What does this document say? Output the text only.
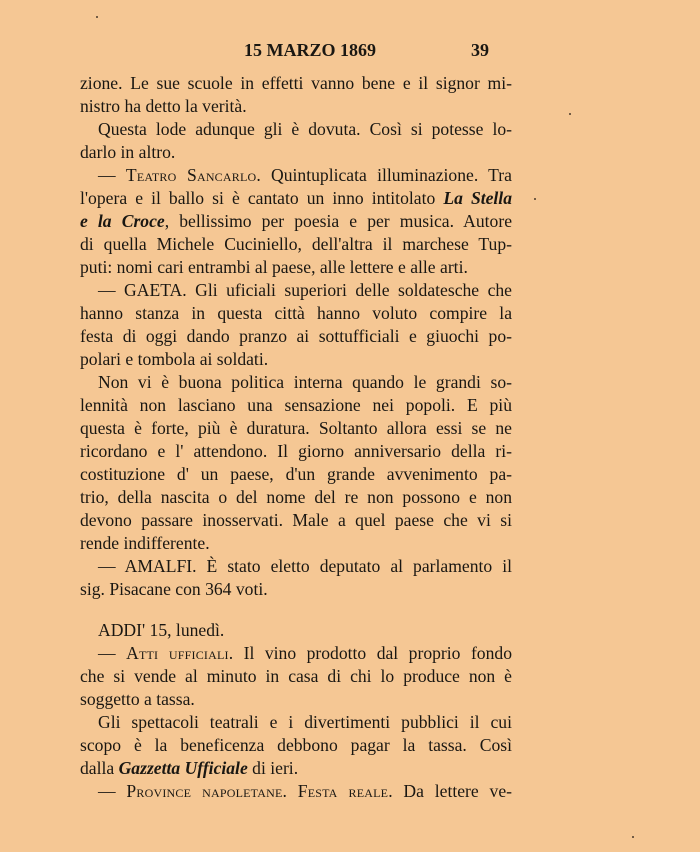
15 MARZO 1869	39
zione. Le sue scuole in effetti vanno bene e il signor mi-
nistro ha detto la verità.
Questa lode adunque gli è dovuta. Così si potesse lo-
darlo in altro.
— Teatro Sancarlo. Quintuplicata illuminazione. Tra
l'opera e il ballo si è cantato un inno intitolato La Stella
e la Croce, bellissimo per poesia e per musica. Autore
di quella Michele Cuciniello, dell'altra il marchese Tup-
puti: nomi cari entrambi al paese, alle lettere e alle arti.
— GAETA. Gli uficiali superiori delle soldatesche che
hanno stanza in questa città hanno voluto compire la
festa di oggi dando pranzo ai sottufficiali e giuochi po-
polari e tombola ai soldati.
Non vi è buona politica interna quando le grandi so-
lennità non lasciano una sensazione nei popoli. E più
questa è forte, più è duratura. Soltanto allora essi se ne
ricordano e l' attendono. Il giorno anniversario della ri-
costituzione d' un paese, d'un grande avvenimento pa-
trio, della nascita o del nome del re non possono e non
devono passare inosservati. Male a quel paese che vi si
rende indifferente.
— AMALFI. È stato eletto deputato al parlamento il
sig. Pisacane con 364 voti.
ADDI' 15, lunedì.
— Atti ufficiali. Il vino prodotto dal proprio fondo
che si vende al minuto in casa di chi lo produce non è
soggetto a tassa.
Gli spettacoli teatrali e i divertimenti pubblici il cui
scopo è la beneficenza debbono pagar la tassa. Così
dalla Gazzetta Ufficiale di ieri.
— Province napoletane. Festa reale. Da lettere ve-
